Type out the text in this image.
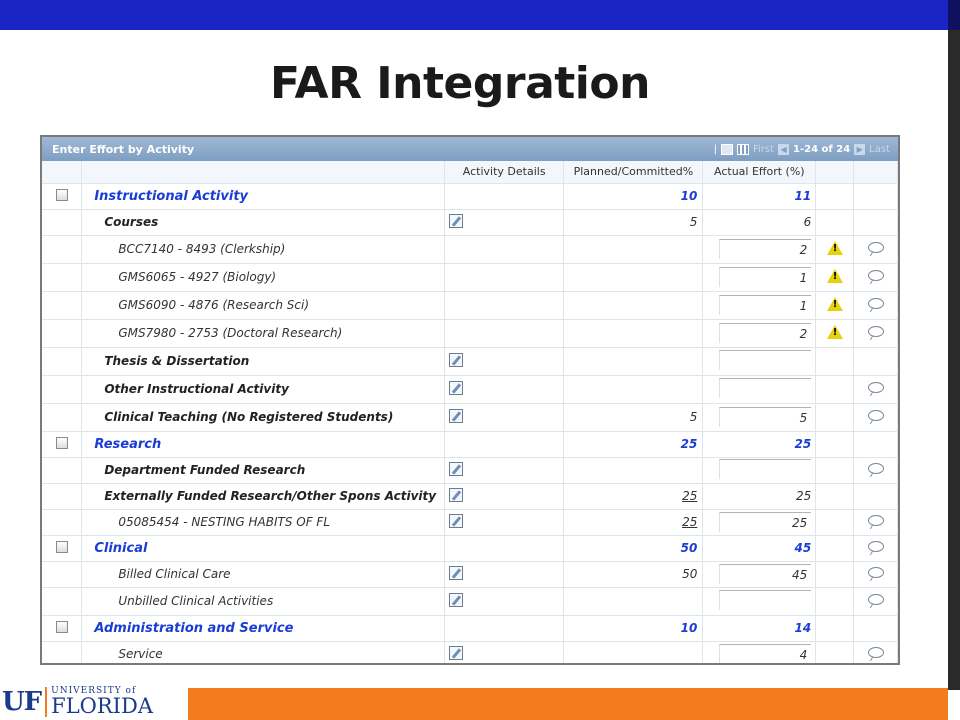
FAR Integration
Enter Effort by Activity	|	First ◀ 1-24 of 24 ▶ Last
		Activity Details	Planned/Committed%	Actual Effort (%)		
	Instructional Activity		10	11		
	Courses		5	6		
	BCC7140 - 8493 (Clerkship)			2	!	
	GMS6065 - 4927 (Biology)			1	!	
	GMS6090 - 4876 (Research Sci)			1	!	
	GMS7980 - 2753 (Doctoral Research)			2	!	
	Thesis & Dissertation					
	Other Instructional Activity					
	Clinical Teaching (No Registered Students)		5	5		
	Research		25	25		
	Department Funded Research					
	Externally Funded Research/Other Spons Activity		25	25		
	05085454 - NESTING HABITS OF FL		25	25		
	Clinical		50	45		
	Billed Clinical Care		50	45		
	Unbilled Clinical Activities					
	Administration and Service		10	14		
	Service			4		
UF UNIVERSITY of
FLORIDA
